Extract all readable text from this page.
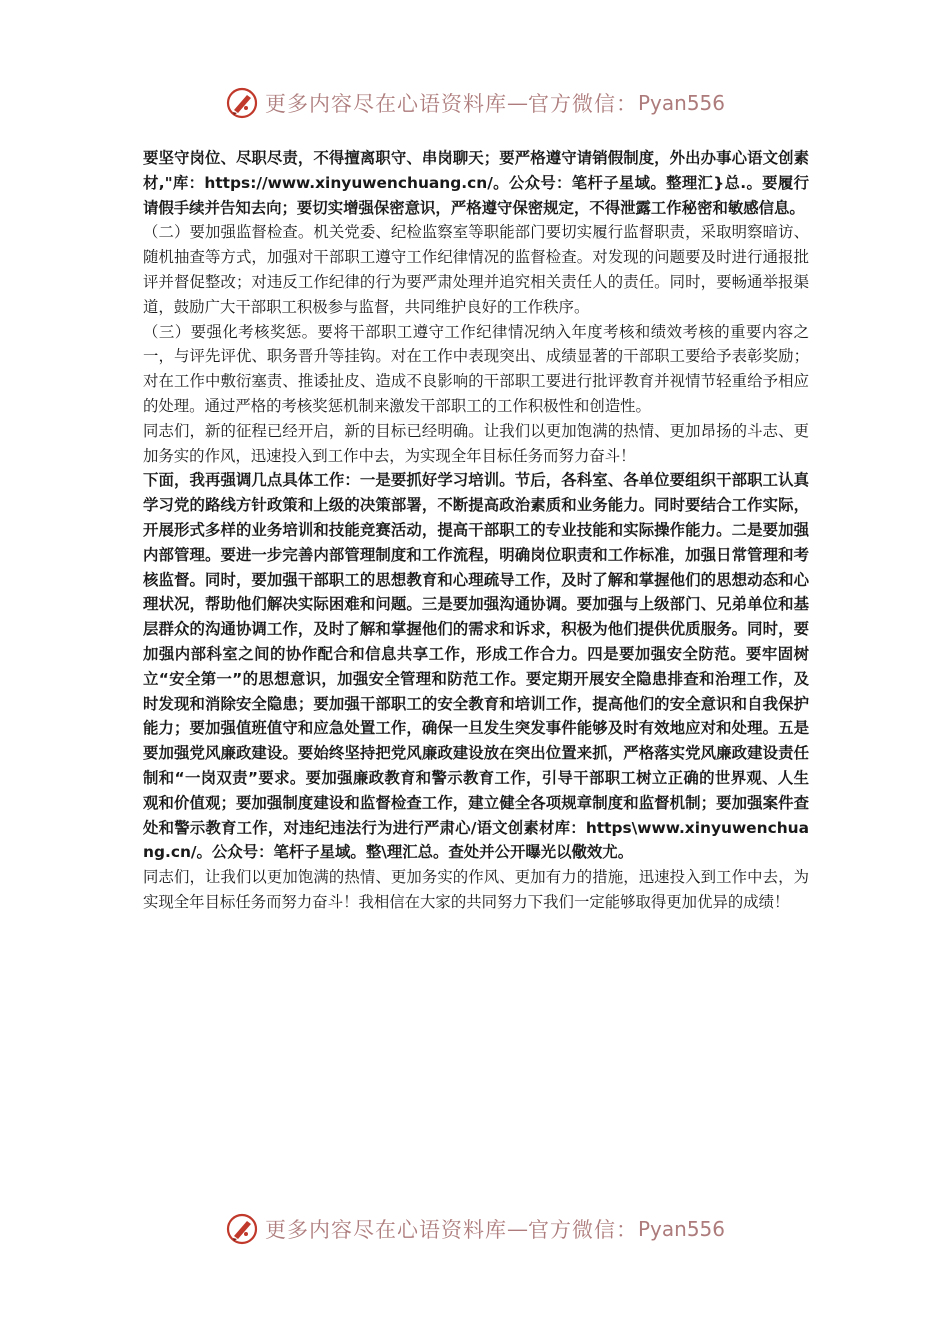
更多内容尽在心语资料库 — 官方微信： Pyan556

要坚守岗位、尽职尽责，不得擅离职守、串岗聊天；要严格遵守请销假制度，外出办事心语文创素材,"库：https://www.xinyuwenchuang.cn/。公众号：笔杆子星域。整理汇}总.。要履行请假手续并告知去向；要切实增强保密意识，严格遵守保密规定，不得泄露工作秘密和敏感信息。

（二）要加强监督检查。机关党委、纪检监察室等职能部门要切实履行监督职责，采取明察暗访、随机抽查等方式，加强对干部职工遵守工作纪律情况的监督检查。对发现的问题要及时进行通报批评并督促整改；对违反工作纪律的行为要严肃处理并追究相关责任人的责任。同时，要畅通举报渠道，鼓励广大干部职工积极参与监督，共同维护良好的工作秩序。

（三）要强化考核奖惩。要将干部职工遵守工作纪律情况纳入年度考核和绩效考核的重要内容之一，与评先评优、职务晋升等挂钩。对在工作中表现突出、成绩显著的干部职工要给予表彰奖励；对在工作中敷衍塞责、推诿扯皮、造成不良影响的干部职工要进行批评教育并视情节轻重给予相应的处理。通过严格的考核奖惩机制来激发干部职工的工作积极性和创造性。

同志们，新的征程已经开启，新的目标已经明确。让我们以更加饱满的热情、更加昂扬的斗志、更加务实的作风，迅速投入到工作中去，为实现全年目标任务而努力奋斗！

下面，我再强调几点具体工作：一是要抓好学习培训。节后，各科室、各单位要组织干部职工认真学习党的路线方针政策和上级的决策部署，不断提高政治素质和业务能力。同时要结合工作实际，开展形式多样的业务培训和技能竞赛活动，提高干部职工的专业技能和实际操作能力。二是要加强内部管理。要进一步完善内部管理制度和工作流程，明确岗位职责和工作标准，加强日常管理和考核监督。同时，要加强干部职工的思想教育和心理疏导工作，及时了解和掌握他们的思想动态和心理状况，帮助他们解决实际困难和问题。三是要加强沟通协调。要加强与上级部门、兄弟单位和基层群众的沟通协调工作，及时了解和掌握他们的需求和诉求，积极为他们提供优质服务。同时，要加强内部科室之间的协作配合和信息共享工作，形成工作合力。四是要加强安全防范。要牢固树立“安全第一”的思想意识，加强安全管理和防范工作。要定期开展安全隐患排查和治理工作，及时发现和消除安全隐患；要加强干部职工的安全教育和培训工作，提高他们的安全意识和自我保护能力；要加强值班值守和应急处置工作，确保一旦发生突发事件能够及时有效地应对和处理。五是要加强党风廉政建设。要始终坚持把党风廉政建设放在突出位置来抓，严格落实党风廉政建设责任制和“一岗双责”要求。要加强廉政教育和警示教育工作，引导干部职工树立正确的世界观、人生观和价值观；要加强制度建设和监督检查工作，建立健全各项规章制度和监督机制；要加强案件查处和警示教育工作，对违纪违法行为进行严肃心/语文创素材库：https\www.xinyuwenchuang.cn/。公众号：笔杆子星域。整\理汇总。查处并公开曝光以儆效尤。

同志们，让我们以更加饱满的热情、更加务实的作风、更加有力的措施，迅速投入到工作中去，为实现全年目标任务而努力奋斗！我相信在大家的共同努力下我们一定能够取得更加优异的成绩！

更多内容尽在心语资料库 — 官方微信： Pyan556
